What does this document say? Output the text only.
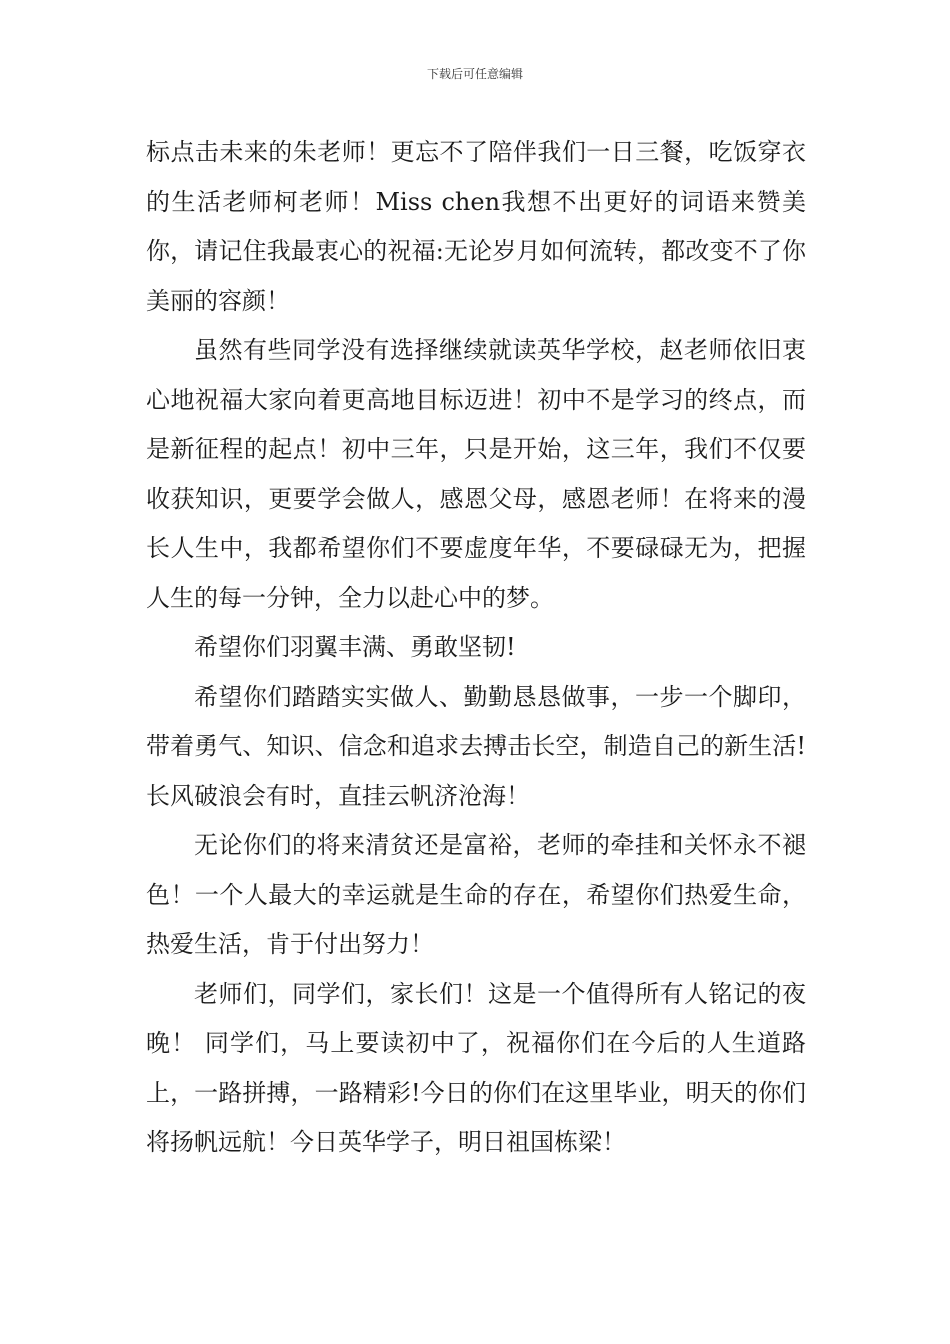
下载后可任意编辑

标点击未来的朱老师！更忘不了陪伴我们一日三餐，吃饭穿衣的生活老师柯老师！Miss chen我想不出更好的词语来赞美你，请记住我最衷心的祝福:无论岁月如何流转，都改变不了你美丽的容颜！

虽然有些同学没有选择继续就读英华学校，赵老师依旧衷心地祝福大家向着更高地目标迈进！初中不是学习的终点，而是新征程的起点！初中三年，只是开始，这三年，我们不仅要收获知识，更要学会做人，感恩父母，感恩老师！在将来的漫长人生中，我都希望你们不要虚度年华，不要碌碌无为，把握人生的每一分钟，全力以赴心中的梦。

希望你们羽翼丰满、勇敢坚韧!

希望你们踏踏实实做人、勤勤恳恳做事，一步一个脚印，带着勇气、知识、信念和追求去搏击长空，制造自己的新生活!长风破浪会有时，直挂云帆济沧海！

无论你们的将来清贫还是富裕，老师的牵挂和关怀永不褪色！一个人最大的幸运就是生命的存在，希望你们热爱生命，热爱生活，肯于付出努力！

老师们，同学们，家长们！这是一个值得所有人铭记的夜晚！ 同学们，马上要读初中了，祝福你们在今后的人生道路上，一路拼搏，一路精彩!今日的你们在这里毕业，明天的你们将扬帆远航！今日英华学子，明日祖国栋梁！
